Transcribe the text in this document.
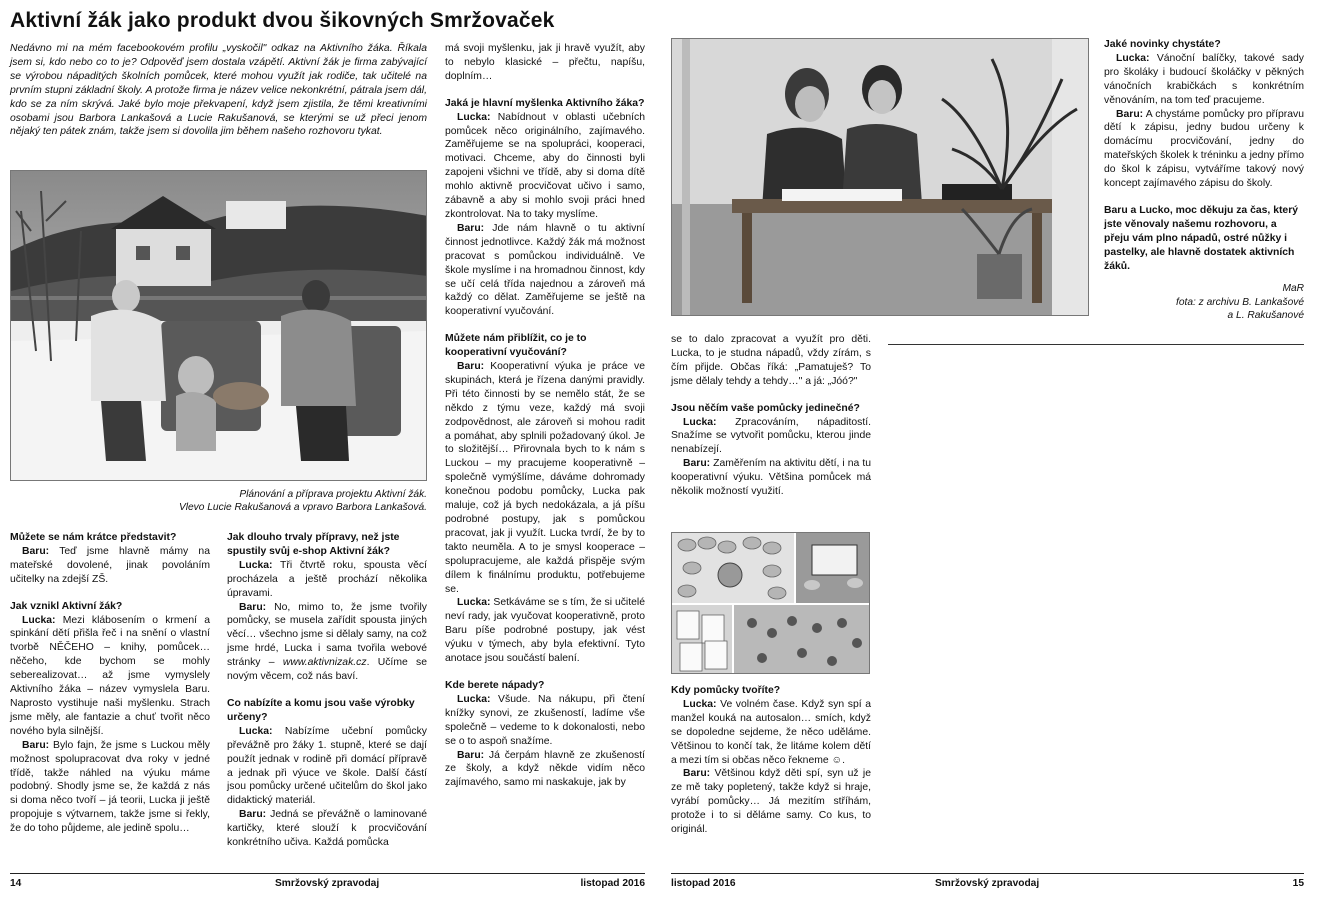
Aktivní žák jako produkt dvou šikovných Smržovaček
Nedávno mi na mém facebookovém profilu „vyskočil" odkaz na Aktivního žáka. Říkala jsem si, kdo nebo co to je? Odpověď jsem dostala vzápětí. Aktivní žák je firma zabývající se výrobou nápaditých školních pomůcek, které mohou využít jak rodiče, tak učitelé na prvním stupni základní školy. A protože firma je název velice nekonkrétní, pátrala jsem dál, kdo se za ním skrývá. Jaké bylo moje překvapení, když jsem zjistila, že těmi kreativními osobami jsou Barbora Lankašová a Lucie Rakušanová, se kterými se už přeci jenom nějaký ten pátek znám, takže jsem si dovolila jim během našeho rozhovoru tykat.
Plánování a příprava projektu Aktivní žák.
Vlevo Lucie Rakušanová a vpravo Barbora Lankašová.

Můžete se nám krátce představit?

Baru: Teď jsme hlavně mámy na mateřské dovolené, jinak povoláním učitelky na zdejší ZŠ.

Jak vznikl Aktivní žák?

Lucka: Mezi klábosením o krmení a spinkání dětí přišla řeč i na snění o vlastní tvorbě NĚČEHO – knihy, pomůcek… něčeho, kde bychom se mohly seberealizovat… až jsme vymyslely Aktivního žáka – název vymyslela Baru. Naprosto vystihuje naši myšlenku. Strach jsme měly, ale fantazie a chuť tvořit něco nového byla silnější.

Baru: Bylo fajn, že jsme s Luckou měly možnost spolupracovat dva roky v jedné třídě, takže náhled na výuku máme podobný. Shodly jsme se, že každá z nás si doma něco tvoří – já teorii, Lucka ji ještě propojuje s výtvarnem, takže jsme si řekly, že do toho půjdeme, ale jedině spolu…

Jak dlouho trvaly přípravy, než jste spustily svůj e-shop Aktivní žák?

Lucka: Tři čtvrtě roku, spousta věcí procházela a ještě prochází několika úpravami.

Baru: No, mimo to, že jsme tvořily pomůcky, se musela zařídit spousta jiných věcí… všechno jsme si dělaly samy, na což jsme hrdé, Lucka i sama tvořila webové stránky – www.aktivnizak.cz. Učíme se novým věcem, což nás baví.

Co nabízíte a komu jsou vaše výrobky určeny?

Lucka: Nabízíme učební pomůcky převážně pro žáky 1. stupně, které se dají použít jednak v rodině při domácí přípravě a jednak při výuce ve škole. Další částí jsou pomůcky určené učitelům do škol jako didaktický materiál.

Baru: Jedná se převážně o laminované kartičky, které slouží k procvičování konkrétního učiva. Každá pomůcka

má svoji myšlenku, jak ji hravě využít, aby to nebylo klasické – přečtu, napíšu, doplním…

Jaká je hlavní myšlenka Aktivního žáka?

Lucka: Nabídnout v oblasti učebních pomůcek něco originálního, zajímavého. Zaměřujeme se na spolupráci, kooperaci, motivaci. Chceme, aby do činnosti byli zapojeni všichni ve třídě, aby si doma dítě mohlo aktivně procvičovat učivo i samo, zábavně a aby si mohlo svoji práci hned zkontrolovat. Na to taky myslíme.

Baru: Jde nám hlavně o tu aktivní činnost jednotlivce. Každý žák má možnost pracovat s pomůckou individuálně. Ve škole myslíme i na hromadnou činnost, kdy se učí celá třída najednou a zároveň má každý co dělat. Zaměřujeme se ještě na kooperativní vyučování.

Můžete nám přiblížit, co je to kooperativní vyučování?

Baru: Kooperativní výuka je práce ve skupinách, která je řízena danými pravidly. Při této činnosti by se nemělo stát, že se někdo z týmu veze, každý má svoji zodpovědnost, ale zároveň si mohou radit a pomáhat, aby splnili požadovaný úkol. Je to složitější… Přirovnala bych to k nám s Luckou – my pracujeme kooperativně – společně vymýšlíme, dáváme dohromady konečnou podobu pomůcky, Lucka pak maluje, což já bych nedokázala, a já píšu podrobné postupy, jak s pomůckou pracovat, jak ji využít. Lucka tvrdí, že by to takto neuměla. A to je smysl kooperace – spolupracujeme, ale každá přispěje svým dílem k finálnímu produktu, potřebujeme se.

Lucka: Setkáváme se s tím, že si učitelé neví rady, jak vyučovat kooperativně, proto Baru píše podrobné postupy, jak vést výuku v týmech, aby byla efektivní. Tyto anotace jsou součástí balení.

Kde berete nápady?

Lucka: Všude. Na nákupu, při čtení knížky synovi, ze zkušeností, ladíme vše společně – vedeme to k dokonalosti, nebo se o to aspoň snažíme.

Baru: Já čerpám hlavně ze zkušeností ze školy, a když někde vidím něco zajímavého, samo mi naskakuje, jak by

14	Smržovský zpravodaj	listopad 2016

se to dalo zpracovat a využít pro děti. Lucka, to je studna nápadů, vždy zírám, s čím přijde. Občas říká: „Pamatuješ? To jsme dělaly tehdy a tehdy…" a já: „Jóó?"

Jsou něčím vaše pomůcky jedinečné?

Lucka: Zpracováním, nápaditostí. Snažíme se vytvořit pomůcku, kterou jinde nenabízejí.

Baru: Zaměřením na aktivitu dětí, i na tu kooperativní výuku. Většina pomůcek má několik možností využití.

Kdy pomůcky tvoříte?

Lucka: Ve volném čase. Když syn spí a manžel kouká na autosalon… smích, když se dopoledne sejdeme, že něco uděláme. Většinou to končí tak, že litáme kolem dětí a mezi tím si občas něco řekneme ☺.

Baru: Většinou když děti spí, syn už je ze mě taky popletený, takže když si hraje, vyrábí pomůcky… Já mezitím stříhám, protože i to si děláme samy. Co kus, to originál.

Jaké novinky chystáte?

Lucka: Vánoční balíčky, takové sady pro školáky i budoucí školáčky v pěkných vánočních krabičkách s konkrétním věnováním, na tom teď pracujeme.

Baru: A chystáme pomůcky pro přípravu dětí k zápisu, jedny budou určeny k domácímu procvičování, jedny do mateřských školek k tréninku a jedny přímo do škol k zápisu, vytváříme takový nový koncept zajímavého zápisu do školy.

Baru a Lucko, moc děkuju za čas, který jste věnovaly našemu rozhovoru, a přeju vám plno nápadů, ostré nůžky i pastelky, ale hlavně dostatek aktivních žáků.

MaR
fota: z archivu B. Lankašové
a L. Rakušanové
listopad 2016	Smržovský zpravodaj	15
